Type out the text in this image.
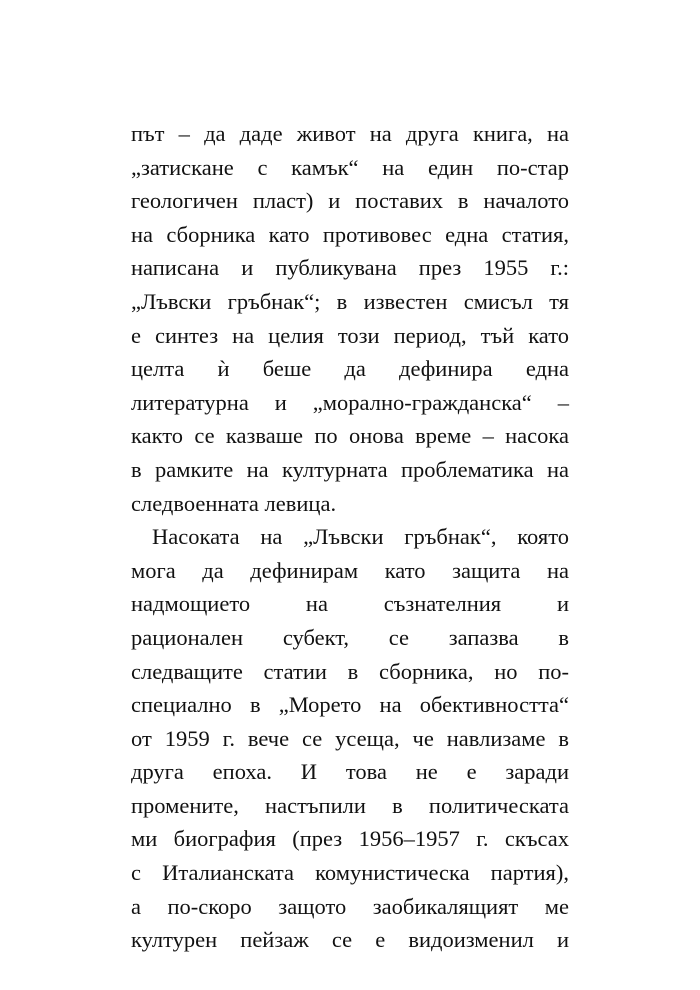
път – да даде живот на друга книга, на
„затискане с камък“ на един по-стар
геологичен пласт) и поставих в началото
на сборника като противовес една статия,
написана и публикувана през 1955 г.:
„Лъвски гръбнак“; в известен смисъл тя
е синтез на целия този период, тъй като
целта ѝ беше да дефинира една
литературна и „морално-гражданска“ –
както се казваше по онова време – насока
в рамките на културната проблематика на
следвоенната левица.
Насоката на „Лъвски гръбнак“, която
мога да дефинирам като защита на
надмощието на съзнателния и
рационален субект, се запазва в
следващите статии в сборника, но по-
специално в „Морето на обективността“
от 1959 г. вече се усеща, че навлизаме в
друга епоха. И това не е заради
промените, настъпили в политическата
ми биография (през 1956–1957 г. скъсах
с Италианската комунистическа партия),
а по-скоро защото заобикалящият ме
културен пейзаж се е видоизменил и
